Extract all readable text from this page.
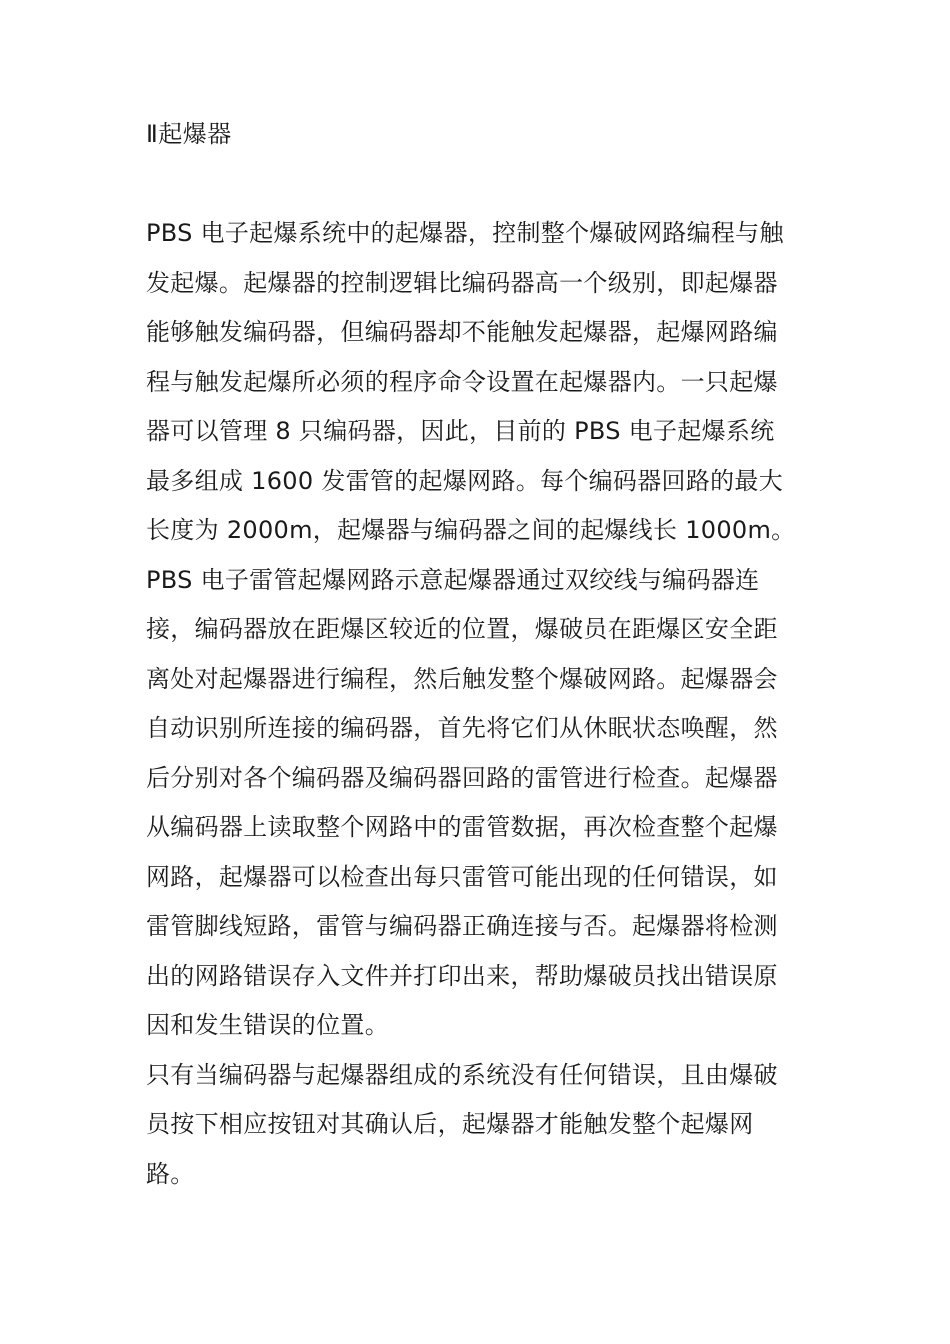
Ⅱ起爆器
PBS 电子起爆系统中的起爆器，控制整个爆破网路编程与触
发起爆。起爆器的控制逻辑比编码器高一个级别，即起爆器
能够触发编码器，但编码器却不能触发起爆器，起爆网路编
程与触发起爆所必须的程序命令设置在起爆器内。一只起爆
器可以管理 8 只编码器，因此，目前的 PBS 电子起爆系统
最多组成 1600 发雷管的起爆网路。每个编码器回路的最大
长度为 2000m，起爆器与编码器之间的起爆线长 1000m。
PBS 电子雷管起爆网路示意起爆器通过双绞线与编码器连
接，编码器放在距爆区较近的位置，爆破员在距爆区安全距
离处对起爆器进行编程，然后触发整个爆破网路。起爆器会
自动识别所连接的编码器，首先将它们从休眠状态唤醒，然
后分别对各个编码器及编码器回路的雷管进行检查。起爆器
从编码器上读取整个网路中的雷管数据，再次检查整个起爆
网路，起爆器可以检查出每只雷管可能出现的任何错误，如
雷管脚线短路，雷管与编码器正确连接与否。起爆器将检测
出的网路错误存入文件并打印出来，帮助爆破员找出错误原
因和发生错误的位置。
只有当编码器与起爆器组成的系统没有任何错误，且由爆破
员按下相应按钮对其确认后，起爆器才能触发整个起爆网
路。
